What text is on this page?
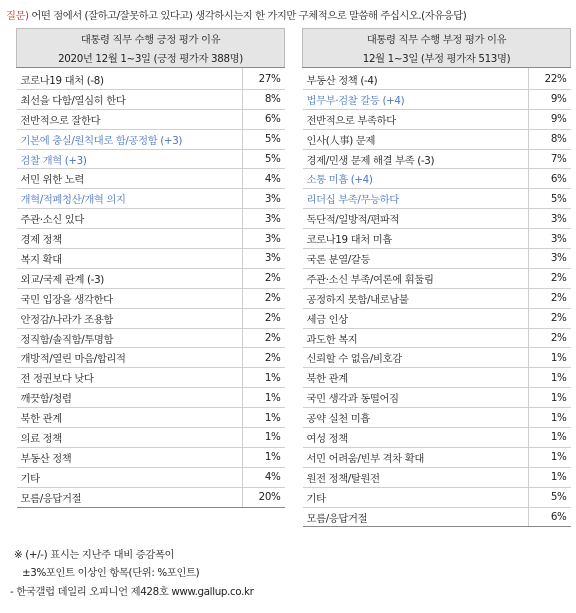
질문) 어떤 점에서 (잘하고/잘못하고 있다고) 생각하시는지 한 가지만 구체적으로 말씀해 주십시오.(자유응답)
대통령 직무 수행 긍정 평가 이유	
2020년 12월 1~3일 (긍정 평가자 388명)	
코로나19 대처 (-8)	27%
최선을 다함/열심히 한다	8%
전반적으로 잘한다	6%
기본에 충실/원칙대로 함/공정함 (+3)	5%
검찰 개혁 (+3)	5%
서민 위한 노력	4%
개혁/적폐청산/개혁 의지	3%
주관·소신 있다	3%
경제 정책	3%
복지 확대	3%
외교/국제 관계 (-3)	2%
국민 입장을 생각한다	2%
안정감/나라가 조용함	2%
정직함/솔직함/투명함	2%
개방적/열린 마음/합리적	2%
전 정권보다 낫다	1%
깨끗함/청렴	1%
북한 관계	1%
의료 정책	1%
부동산 정책	1%
기타	4%
모름/응답거절	20%
대통령 직무 수행 부정 평가 이유	
12월 1~3일 (부정 평가자 513명)	
부동산 정책 (-4)	22%
법무부·검찰 갈등 (+4)	9%
전반적으로 부족하다	9%
인사(人事) 문제	8%
경제/민생 문제 해결 부족 (-3)	7%
소통 미흡 (+4)	6%
리더십 부족/무능하다	5%
독단적/일방적/편파적	3%
코로나19 대처 미흡	3%
국론 분열/갈등	3%
주관·소신 부족/여론에 휘둘림	2%
공정하지 못함/내로남불	2%
세금 인상	2%
과도한 복지	2%
신뢰할 수 없음/비호감	1%
북한 관계	1%
국민 생각과 동떨어짐	1%
공약 실천 미흡	1%
여성 정책	1%
서민 어려움/빈부 격차 확대	1%
원전 정책/탈원전	1%
기타	5%
모름/응답거절	6%
※ (+/-) 표시는 지난주 대비 증감폭이
±3%포인트 이상인 항목(단위: %포인트)
- 한국갤럽 데일리 오피니언 제428호 www.gallup.co.kr
